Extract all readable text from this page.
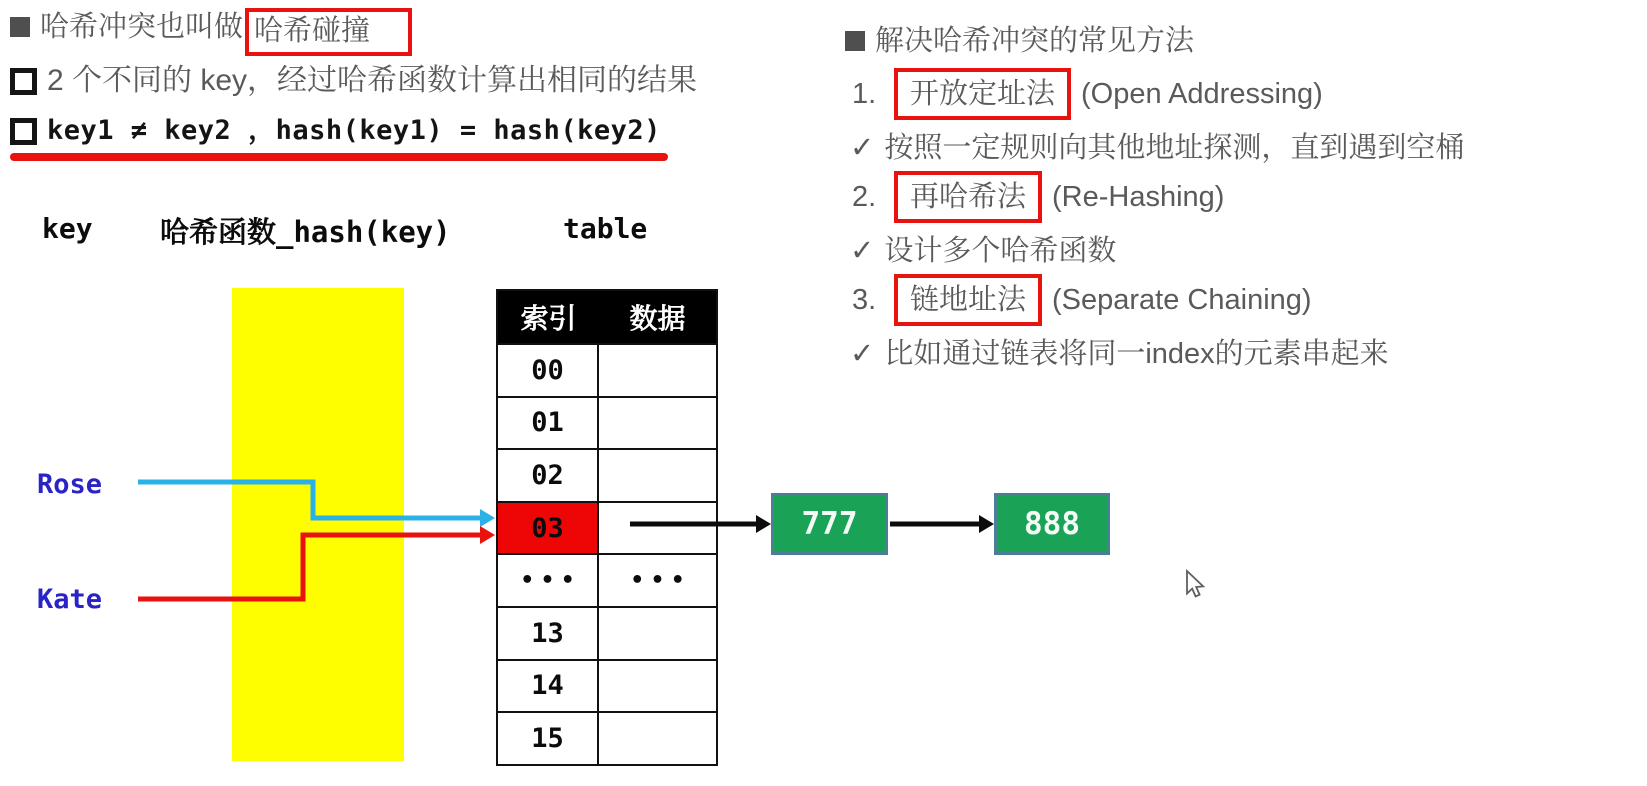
哈希冲突也叫做 哈希碰撞
2 个不同的 key，经过哈希函数计算出相同的结果
key1 ≠ key2 ，hash(key1) = hash(key2)
key 哈希函数_hash(key)	table
Rose
Kate
索引	数据
00
01
02
03
•••	•••
13
14
15
777	888
解决哈希冲突的常见方法
1.	开放定址法 (Open Addressing)
✓ 按照一定规则向其他地址探测，直到遇到空桶
2.	再哈希法 (Re-Hashing)
✓ 设计多个哈希函数
3.	链地址法 (Separate Chaining)
✓ 比如通过链表将同一index的元素串起来
